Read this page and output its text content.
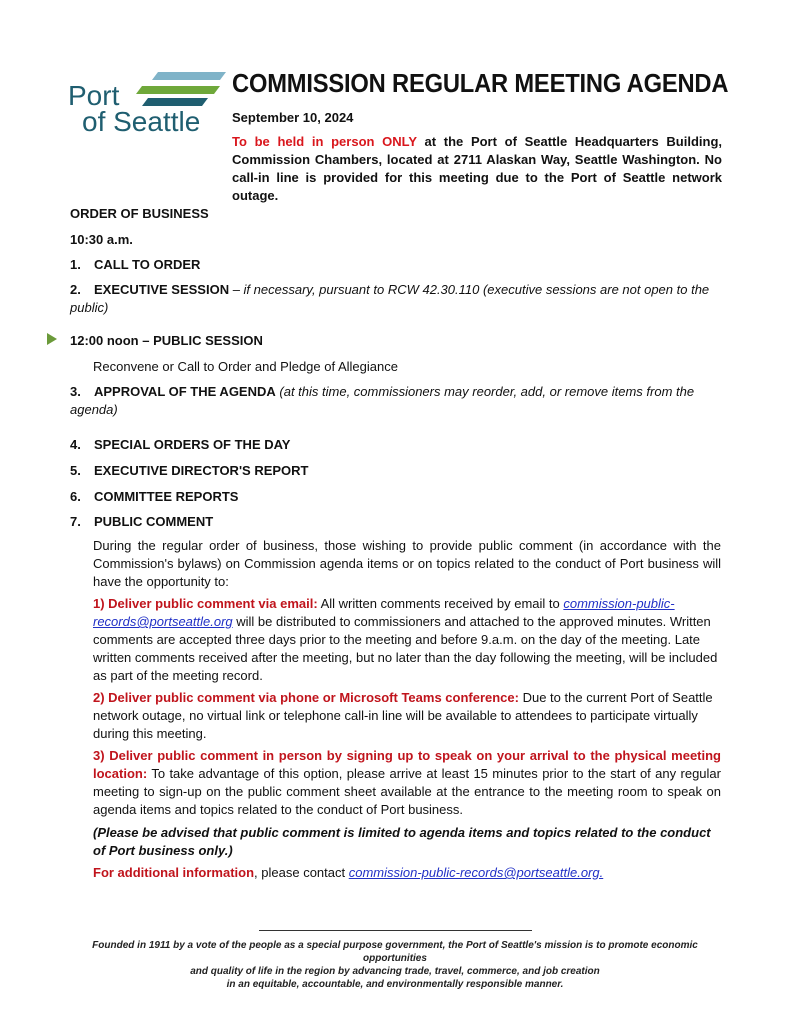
Port
of Seattle
COMMISSION REGULAR MEETING AGENDA
September 10, 2024
To be held in person ONLY at the Port of Seattle Headquarters Building, Commission Chambers, located at 2711 Alaskan Way, Seattle Washington. No call-in line is provided for this meeting due to the Port of Seattle network outage.
ORDER OF BUSINESS
10:30 a.m.
1. CALL TO ORDER
2. EXECUTIVE SESSION – if necessary, pursuant to RCW 42.30.110 (executive sessions are not open to the public)
12:00 noon – PUBLIC SESSION
Reconvene or Call to Order and Pledge of Allegiance
3. APPROVAL OF THE AGENDA (at this time, commissioners may reorder, add, or remove items from the agenda)
4. SPECIAL ORDERS OF THE DAY
5. EXECUTIVE DIRECTOR'S REPORT
6. COMMITTEE REPORTS
7. PUBLIC COMMENT
During the regular order of business, those wishing to provide public comment (in accordance with the Commission's bylaws) on Commission agenda items or on topics related to the conduct of Port business will have the opportunity to:
1) Deliver public comment via email: All written comments received by email to commission-public-records@portseattle.org will be distributed to commissioners and attached to the approved minutes. Written comments are accepted three days prior to the meeting and before 9.a.m. on the day of the meeting. Late written comments received after the meeting, but no later than the day following the meeting, will be included as part of the meeting record.
2) Deliver public comment via phone or Microsoft Teams conference: Due to the current Port of Seattle network outage, no virtual link or telephone call-in line will be available to attendees to participate virtually during this meeting.
3) Deliver public comment in person by signing up to speak on your arrival to the physical meeting location: To take advantage of this option, please arrive at least 15 minutes prior to the start of any regular meeting to sign-up on the public comment sheet available at the entrance to the meeting room to speak on agenda items and topics related to the conduct of Port business.
(Please be advised that public comment is limited to agenda items and topics related to the conduct of Port business only.)
For additional information, please contact commission-public-records@portseattle.org.
Founded in 1911 by a vote of the people as a special purpose government, the Port of Seattle's mission is to promote economic opportunities
and quality of life in the region by advancing trade, travel, commerce, and job creation
in an equitable, accountable, and environmentally responsible manner.
